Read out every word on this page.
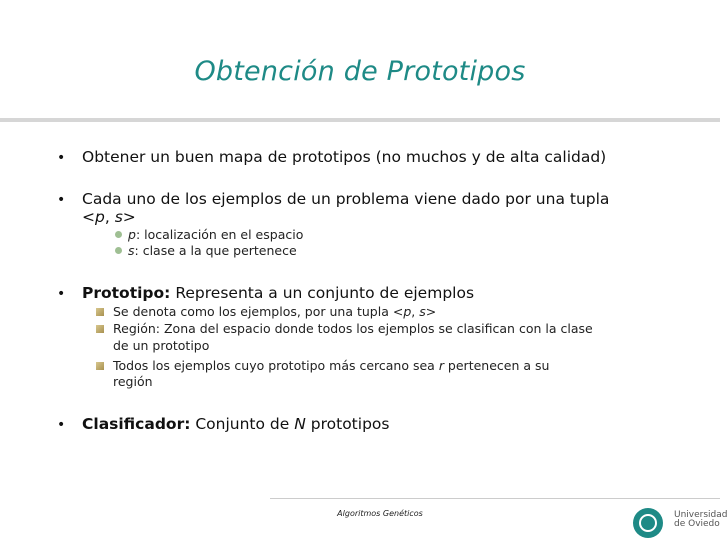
Obtención de Prototipos
• Obtener un buen mapa de prototipos (no muchos y de alta calidad)
• Cada uno de los ejemplos de un problema viene dado por una tupla
<p, s>
p: localización en el espacio
s: clase a la que pertenece
• Prototipo: Representa a un conjunto de ejemplos
Se denota como los ejemplos, por una tupla <p, s>
Región: Zona del espacio donde todos los ejemplos se clasifican con la clase
de un prototipo
Todos los ejemplos cuyo prototipo más cercano sea r pertenecen a su
región
• Clasificador: Conjunto de N prototipos
Algoritmos Genéticos	Universidad
de Oviedo
